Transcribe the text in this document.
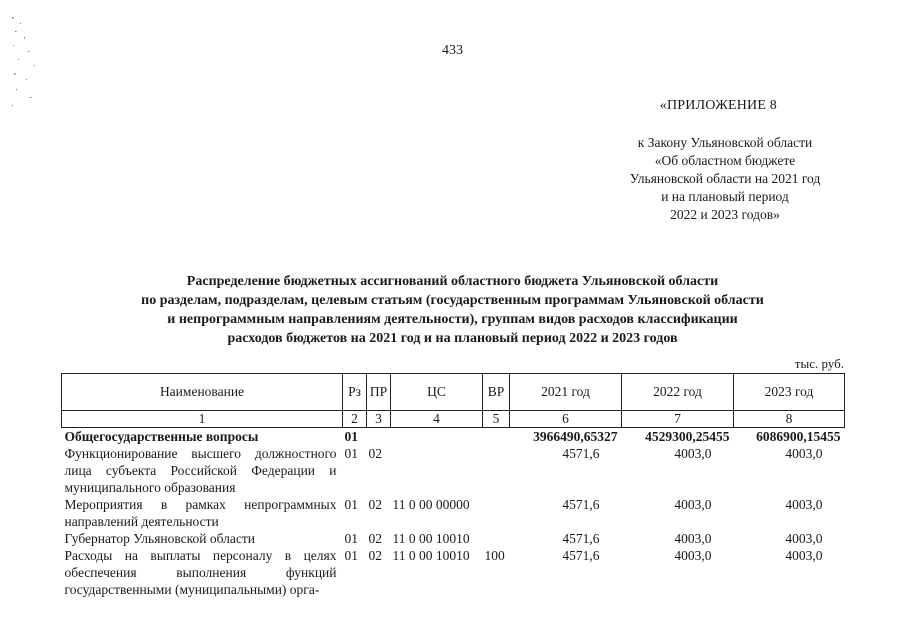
433
«ПРИЛОЖЕНИЕ 8
к Закону Ульяновской области
«Об областном бюджете
Ульяновской области на 2021 год
и на плановый период
2022 и 2023 годов»
Распределение бюджетных ассигнований областного бюджета Ульяновской области
по разделам, подразделам, целевым статьям (государственным программам Ульяновской области
и непрограммным направлениям деятельности), группам видов расходов классификации
расходов бюджетов на 2021 год и на плановый период 2022 и 2023 годов
тыс. руб.
Наименование	Рз	ПР	ЦС	ВР	2021 год	2022 год	2023 год
1	2	3	4	5	6	7	8
Общегосударственные вопросы	01				3966490,65327	4529300,25455	6086900,15455
Функционирование высшего должностного лица субъекта Российской Федерации и муниципального образования	01	02			4571,6	4003,0	4003,0
Мероприятия в рамках непрограммных направлений деятельности	01	02	11 0 00 00000		4571,6	4003,0	4003,0
Губернатор Ульяновской области	01	02	11 0 00 10010		4571,6	4003,0	4003,0
Расходы на выплаты персоналу в целях обеспечения выполнения функций государственными (муниципальными) орга-	01	02	11 0 00 10010	100	4571,6	4003,0	4003,0
